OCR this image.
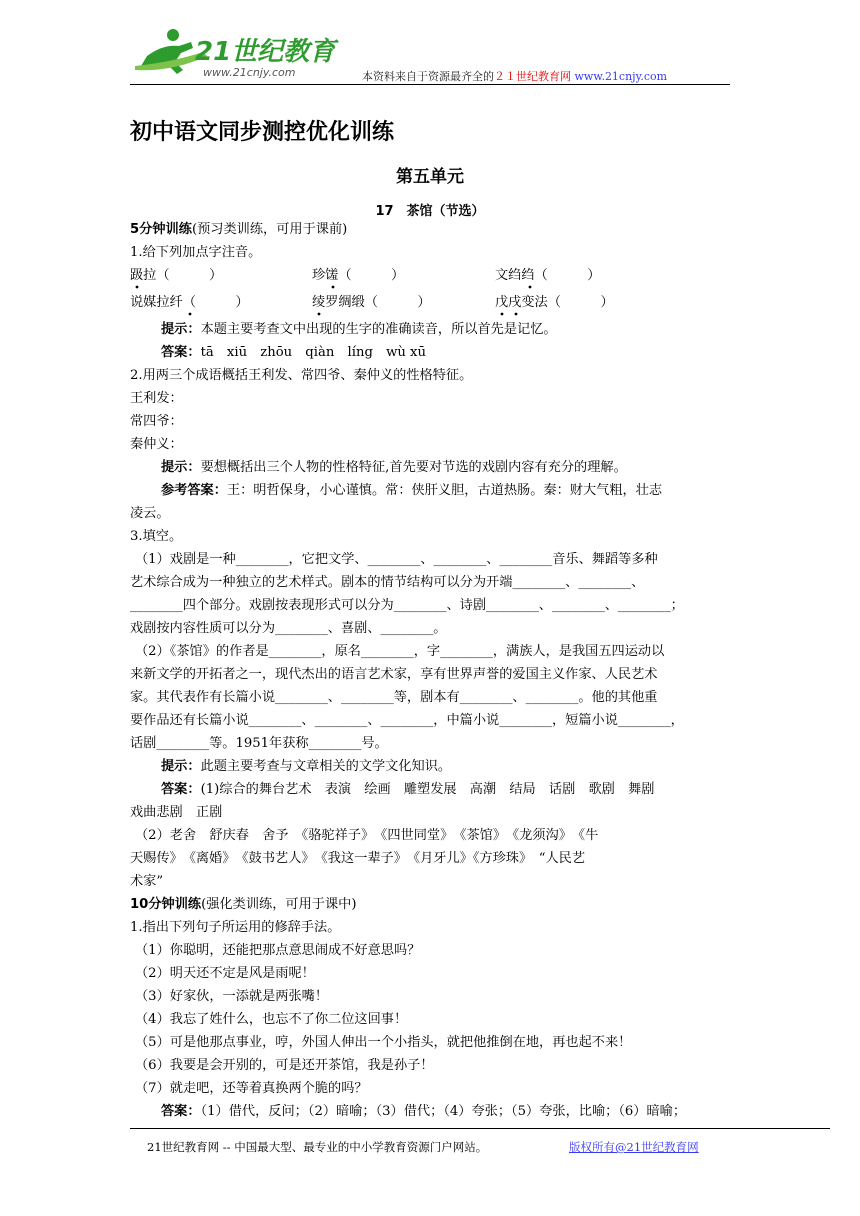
21世纪教育
www.21cnjy.com	本资料来自于资源最齐全的２１世纪教育网 www.21cnjy.com
初中语文同步测控优化训练
第五单元
17　茶馆（节选）
5分钟训练(预习类训练，可用于课前)
1.给下列加点字注音。
趿拉（　　　）	珍馐（　　　）	文绉绉（　　　）
说媒拉纤（　　　）	绫罗绸缎（　　　）	戊戌变法（　　　）
提示：本题主要考查文中出现的生字的准确读音，所以首先是记忆。
答案：tā　xiū　zhōu　qiàn　líng　wù xū
2.用两三个成语概括王利发、常四爷、秦仲义的性格特征。
王利发：
常四爷：
秦仲义：
提示：要想概括出三个人物的性格特征,首先要对节选的戏剧内容有充分的理解。
参考答案：王：明哲保身，小心谨慎。常：侠肝义胆，古道热肠。秦：财大气粗，壮志
凌云。
3.填空。
（1）戏剧是一种________，它把文学、________、________、________音乐、舞蹈等多种
艺术综合成为一种独立的艺术样式。剧本的情节结构可以分为开端________、________、
________四个部分。戏剧按表现形式可以分为________、诗剧________、________、________；
戏剧按内容性质可以分为________、喜剧、________。
（2）《茶馆》的作者是________，原名________，字________，满族人，是我国五四运动以
来新文学的开拓者之一，现代杰出的语言艺术家，享有世界声誉的爱国主义作家、人民艺术
家。其代表作有长篇小说________、________等，剧本有________、________。他的其他重
要作品还有长篇小说________、________、________，中篇小说________，短篇小说________，
话剧________等。1951年获称________号。
提示：此题主要考查与文章相关的文学文化知识。
答案：(1)综合的舞台艺术　表演　绘画　雕塑发展　高潮　结局　话剧　歌剧　舞剧
戏曲悲剧　正剧
（2）老舍　舒庆春　舍予　《骆驼祥子》　《四世同堂》　《茶馆》　《龙须沟》　《牛
天赐传》　《离婚》　《鼓书艺人》　《我这一辈子》　《月牙儿》《方珍珠》　“人民艺
术家”
10分钟训练(强化类训练，可用于课中)
1.指出下列句子所运用的修辞手法。
（1）你聪明，还能把那点意思闹成不好意思吗？
（2）明天还不定是风是雨呢！
（3）好家伙，一添就是两张嘴！
（4）我忘了姓什么，也忘不了你二位这回事！
（5）可是他那点事业，哼，外国人伸出一个小指头，就把他推倒在地，再也起不来！
（6）我要是会开别的，可是还开茶馆，我是孙子！
（7）就走吧，还等着真换两个脆的吗？
答案：（1）借代，反问；（2）暗喻；（3）借代；（4）夸张；（5）夸张，比喻；（6）暗喻；
21世纪教育网 -- 中国最大型、最专业的中小学教育资源门户网站。	版权所有@21世纪教育网
